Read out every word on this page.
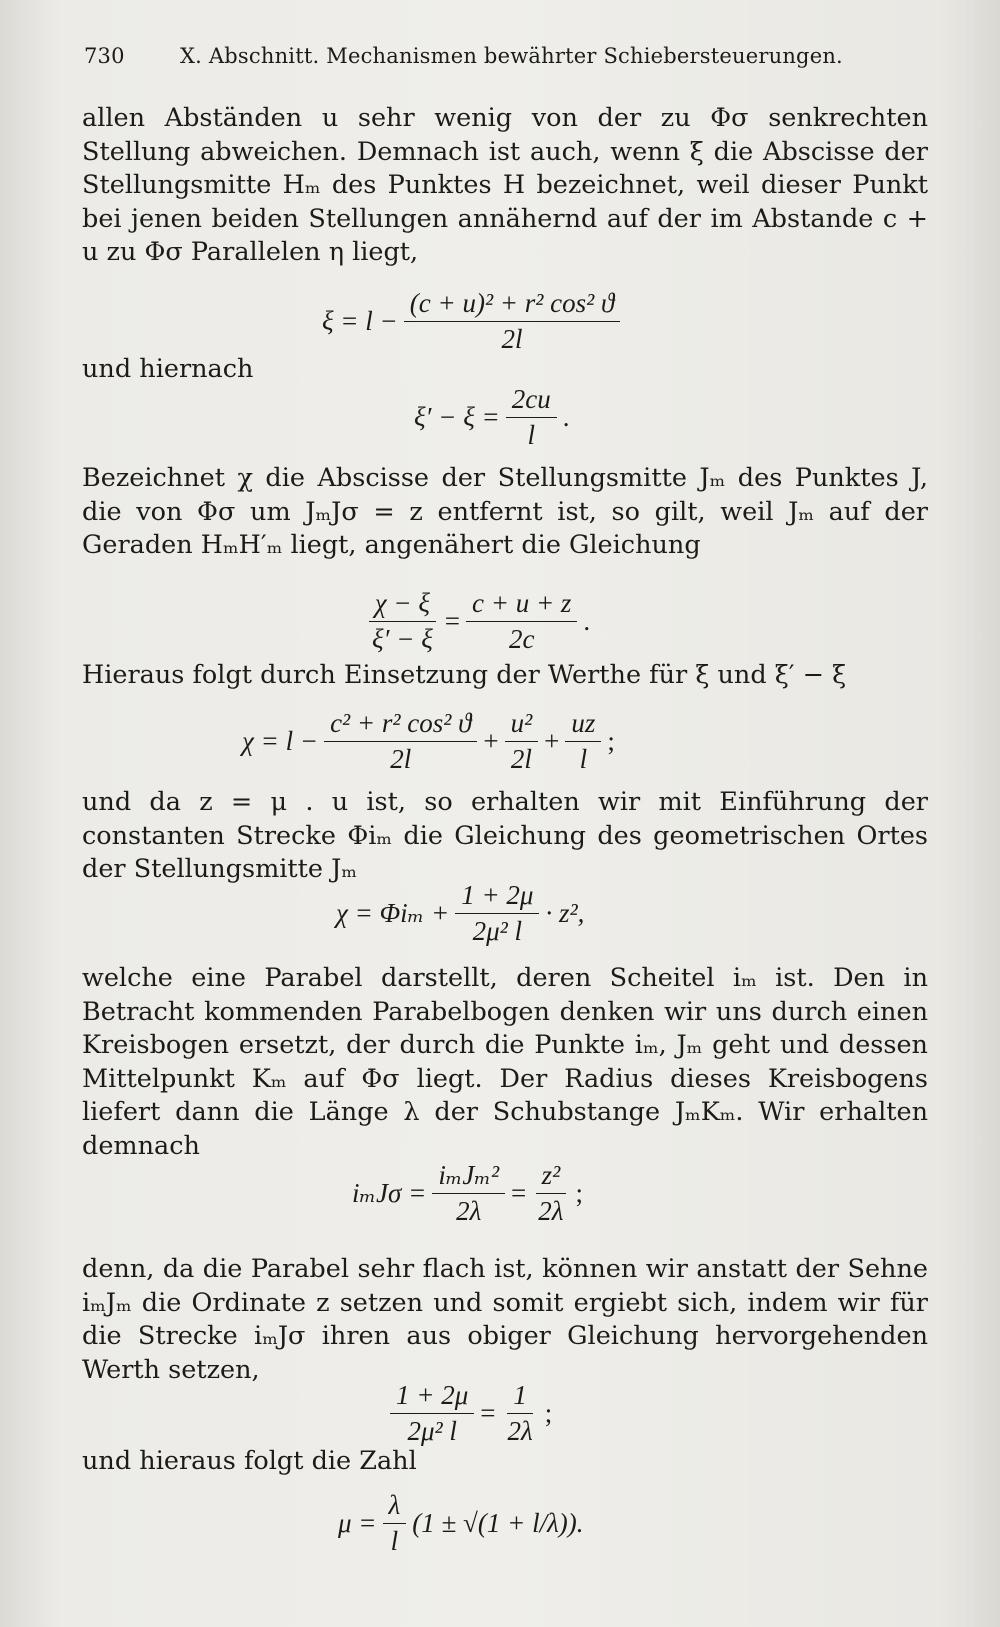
730	X. Abschnitt. Mechanismen bewährter Schiebersteuerungen.

allen Abständen u sehr wenig von der zu Φσ senkrechten Stellung abweichen. Demnach ist auch, wenn ξ die Abscisse der Stellungsmitte Hₘ des Punktes H bezeichnet, weil dieser Punkt bei jenen beiden Stellungen annähernd auf der im Abstande c + u zu Φσ Parallelen η liegt,

$\xi = l - \frac{\text{(c + u)² + r² cos² ϑ}}{2l}$

und hiernach

$\xi' - \xi = \frac{2cu}{l}$ .

Bezeichnet χ die Abscisse der Stellungsmitte Jₘ des Punktes J, die von Φσ um JₘJσ = z entfernt ist, so gilt, weil Jₘ auf der Geraden HₘH′ₘ liegt, angenähert die Gleichung

$\frac{\chi - \xi}{\xi' - \xi} = \frac{c + u + z}{2c}$ .

Hieraus folgt durch Einsetzung der Werthe für ξ und ξ′ − ξ

$\chi = l - \frac{\text{c² + r² cos² ϑ}}{2l} + \frac{\text{u²}}{2l} + \frac{uz}{l}$ ;

und da z = μ . u ist, so erhalten wir mit Einführung der constanten Strecke Φiₘ die Gleichung des geometrischen Ortes der Stellungsmitte Jₘ

$\chi = \Phi i_m + \frac{1 + 2\mu}{\text{2μ² l}} \cdot z^2$,

welche eine Parabel darstellt, deren Scheitel iₘ ist. Den in Betracht kommenden Parabelbogen denken wir uns durch einen Kreisbogen ersetzt, der durch die Punkte iₘ, Jₘ geht und dessen Mittelpunkt Kₘ auf Φσ liegt. Der Radius dieses Kreisbogens liefert dann die Länge λ der Schubstange JₘKₘ. Wir erhalten demnach

$i_mJ\sigma = \frac{\text{iₘJₘ²}}{2\lambda} = \frac{\text{z²}}{2\lambda}$ ;

denn, da die Parabel sehr flach ist, können wir anstatt der Sehne iₘJₘ die Ordinate z setzen und somit ergiebt sich, indem wir für die Strecke iₘJσ ihren aus obiger Gleichung hervorgehenden Werth setzen,

$\frac{1 + 2\mu}{\text{2μ² l}} = \frac{1}{2\lambda}$ ;

und hieraus folgt die Zahl

$\mu = \frac{\lambda}{l} (1 \pm √(1 + l/\lambda))$.
